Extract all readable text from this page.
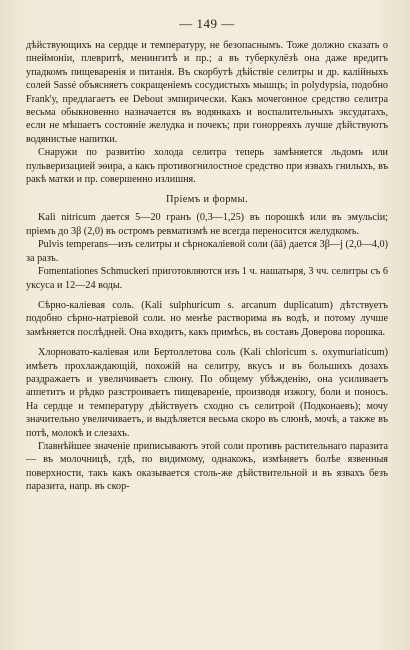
— 149 —

дѣйствующихъ на сердце и температуру, не безопаснымъ. Тоже должно сказать о пнеймоніи, плевритѣ, менингитѣ и пр.; а въ туберкулёзѣ она даже вредитъ упадкомъ пищеваренія и питанія. Въ скорбутѣ дѣйствіе селитры и др. калійныхъ солей Sassé объясняетъ сокращеніемъ сосудистыхъ мышцъ; in polydypsia, подобно Frank'у, предлагаетъ ее Debout эмпирически. Какъ мочегонное средство селитра весьма обыкновенно назначается въ водянкахъ и воспалительныхъ эксудатахъ, если не мѣшаетъ состояніе желудка и почекъ; при гонорреяхъ лучше дѣйствуютъ водянистые напитки.

Снаружи по развитію холода селитра теперь замѣняется льдомъ или пульверизацией эөира, а какъ противогнилостное средство при язвахъ гнилыхъ, въ ракѣ матки и пр. совершенно излишня.

Пріемъ и формы.

Kali nitricum дается 5—20 гранъ (0,3—1,25) въ порошкѣ или въ эмульсіи; пріемъ до 3β (2,0) въ остромъ ревматизмѣ не всегда переносится желудкомъ.

Pulvis temperans—изъ селитры и сѣрнокаліевой соли (āā) дается 3β—j (2,0—4,0) за разъ.

Fomentationes Schmuckeri приготовляются изъ 1 ч. нашатыря, 3 чч. селитры съ 6 уксуса и 12—24 воды.

Сѣрно-каліевая соль. (Kali sulphuricum s. arcanum duplicatum) дѣтствуетъ подобно сѣрно-натріевой соли. но менѣе растворима въ водѣ, и потому лучше замѣняется послѣдней. Она входитъ, какъ примѣсь, въ составъ Доверова порошка.

Хлорновато-каліевая или Бертоллетова соль (Kali chloricum s. oxymuriaticum) имѣетъ прохлаждающій, похожій на селитру, вкусъ и въ большихъ дозахъ раздражаетъ и увеличиваетъ слюну. По общему убѣжденію, она усиливаетъ аппетитъ и рѣдко разстроиваетъ пищевареніе, производя изжогу, боли и поносъ. На сердце и температуру дѣйствуетъ сходно съ селитрой (Подконаевъ); мочу значительно увеличиваетъ, и выдѣляется весьма скоро въ слюнѣ, мочѣ, а также въ потѣ, молокѣ и слезахъ.

Главнѣйшее значеніе приписываютъ этой соли противъ растительнаго паразита — въ молочницѣ, гдѣ, по видимому, однакожъ, измѣняетъ болѣе язвенныя поверхности, такъ какъ оказывается столь-же дѣйствительной и въ язвахъ безъ паразита, напр. въ скор-
